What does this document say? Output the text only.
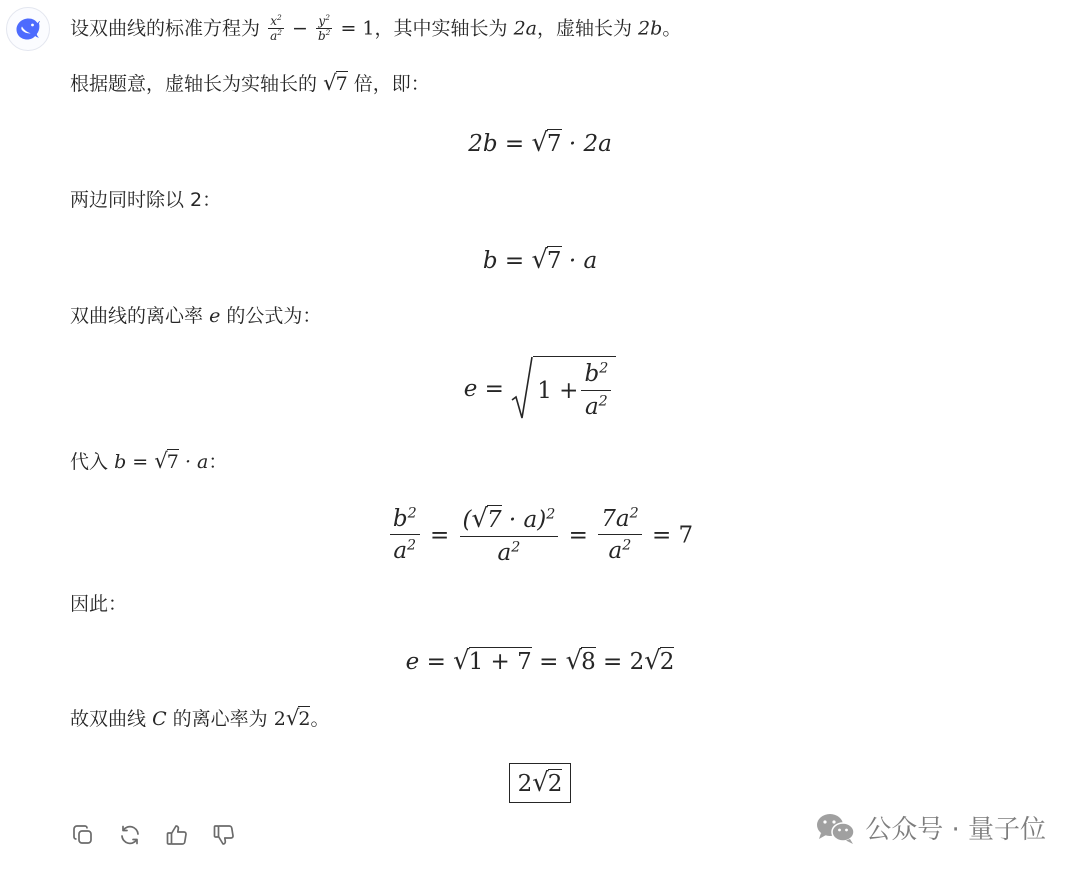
设双曲线的标准方程为 $\frac{x^2}{a^2} - \frac{y^2}{b^2} = 1$，其中实轴长为 2a，虚轴长为 2b。
根据题意，虚轴长为实轴长的 √7 倍，即：
2b = √7 · 2a
两边同时除以 2：
b = √7 · a
双曲线的离心率 e 的公式为：
$e = 1 + \frac{b^2}{a^2}$
代入 b = √7 · a：
$\frac{b^2}{a^2} = \frac{(√7 \cdot a)^2}{a^2} = \frac{7a^2}{a^2} = 7$
因此：
e = √1 + 7 = √8 = 2√2
故双曲线 C 的离心率为 2√2。
2√2
公众号 · 量子位
